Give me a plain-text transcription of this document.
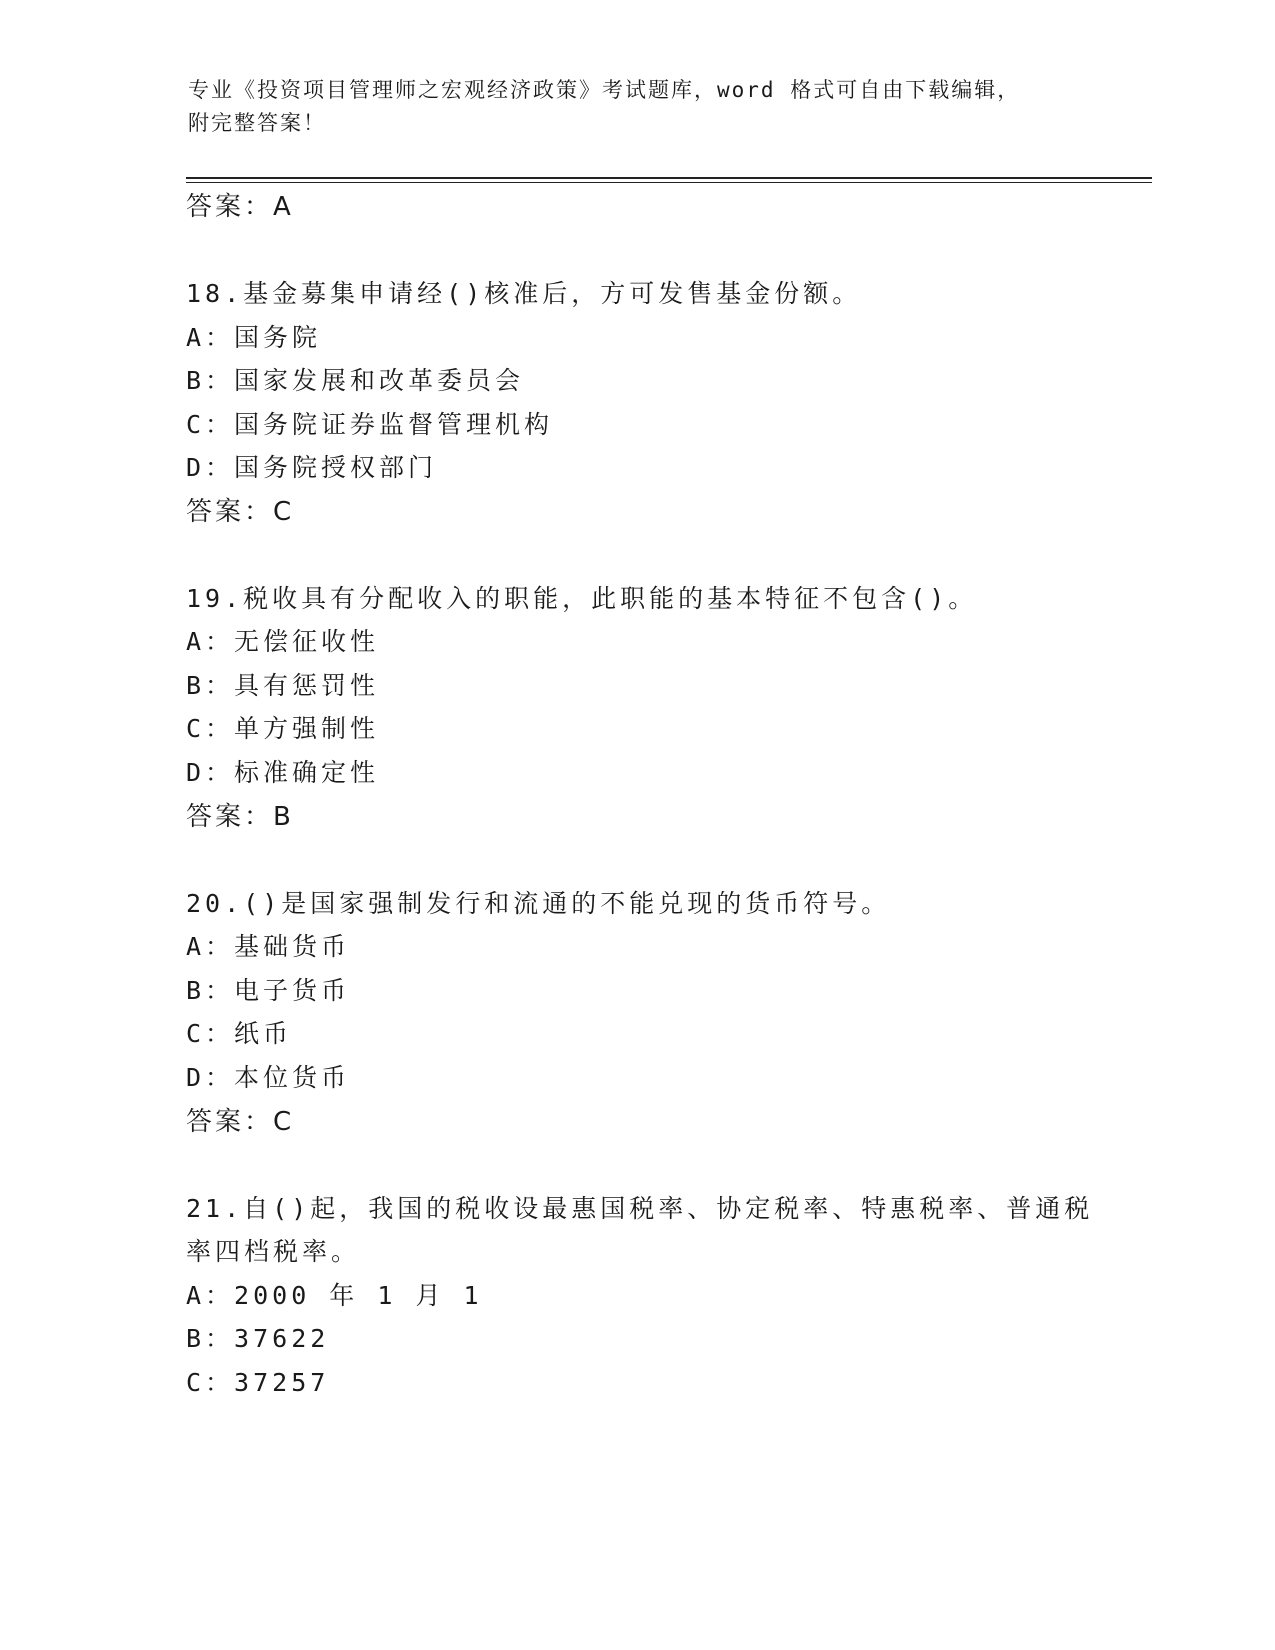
专业《投资项目管理师之宏观经济政策》考试题库，word 格式可自由下载编辑，
附完整答案！
答案：A
18.基金募集申请经()核准后，方可发售基金份额。
A：国务院
B：国家发展和改革委员会
C：国务院证券监督管理机构
D：国务院授权部门
答案：C
19.税收具有分配收入的职能，此职能的基本特征不包含()。
A：无偿征收性
B：具有惩罚性
C：单方强制性
D：标准确定性
答案：B
20.()是国家强制发行和流通的不能兑现的货币符号。
A：基础货币
B：电子货币
C：纸币
D：本位货币
答案：C
21.自()起，我国的税收设最惠国税率、协定税率、特惠税率、普通税
率四档税率。
A：2000 年 1 月 1
B：37622
C：37257
